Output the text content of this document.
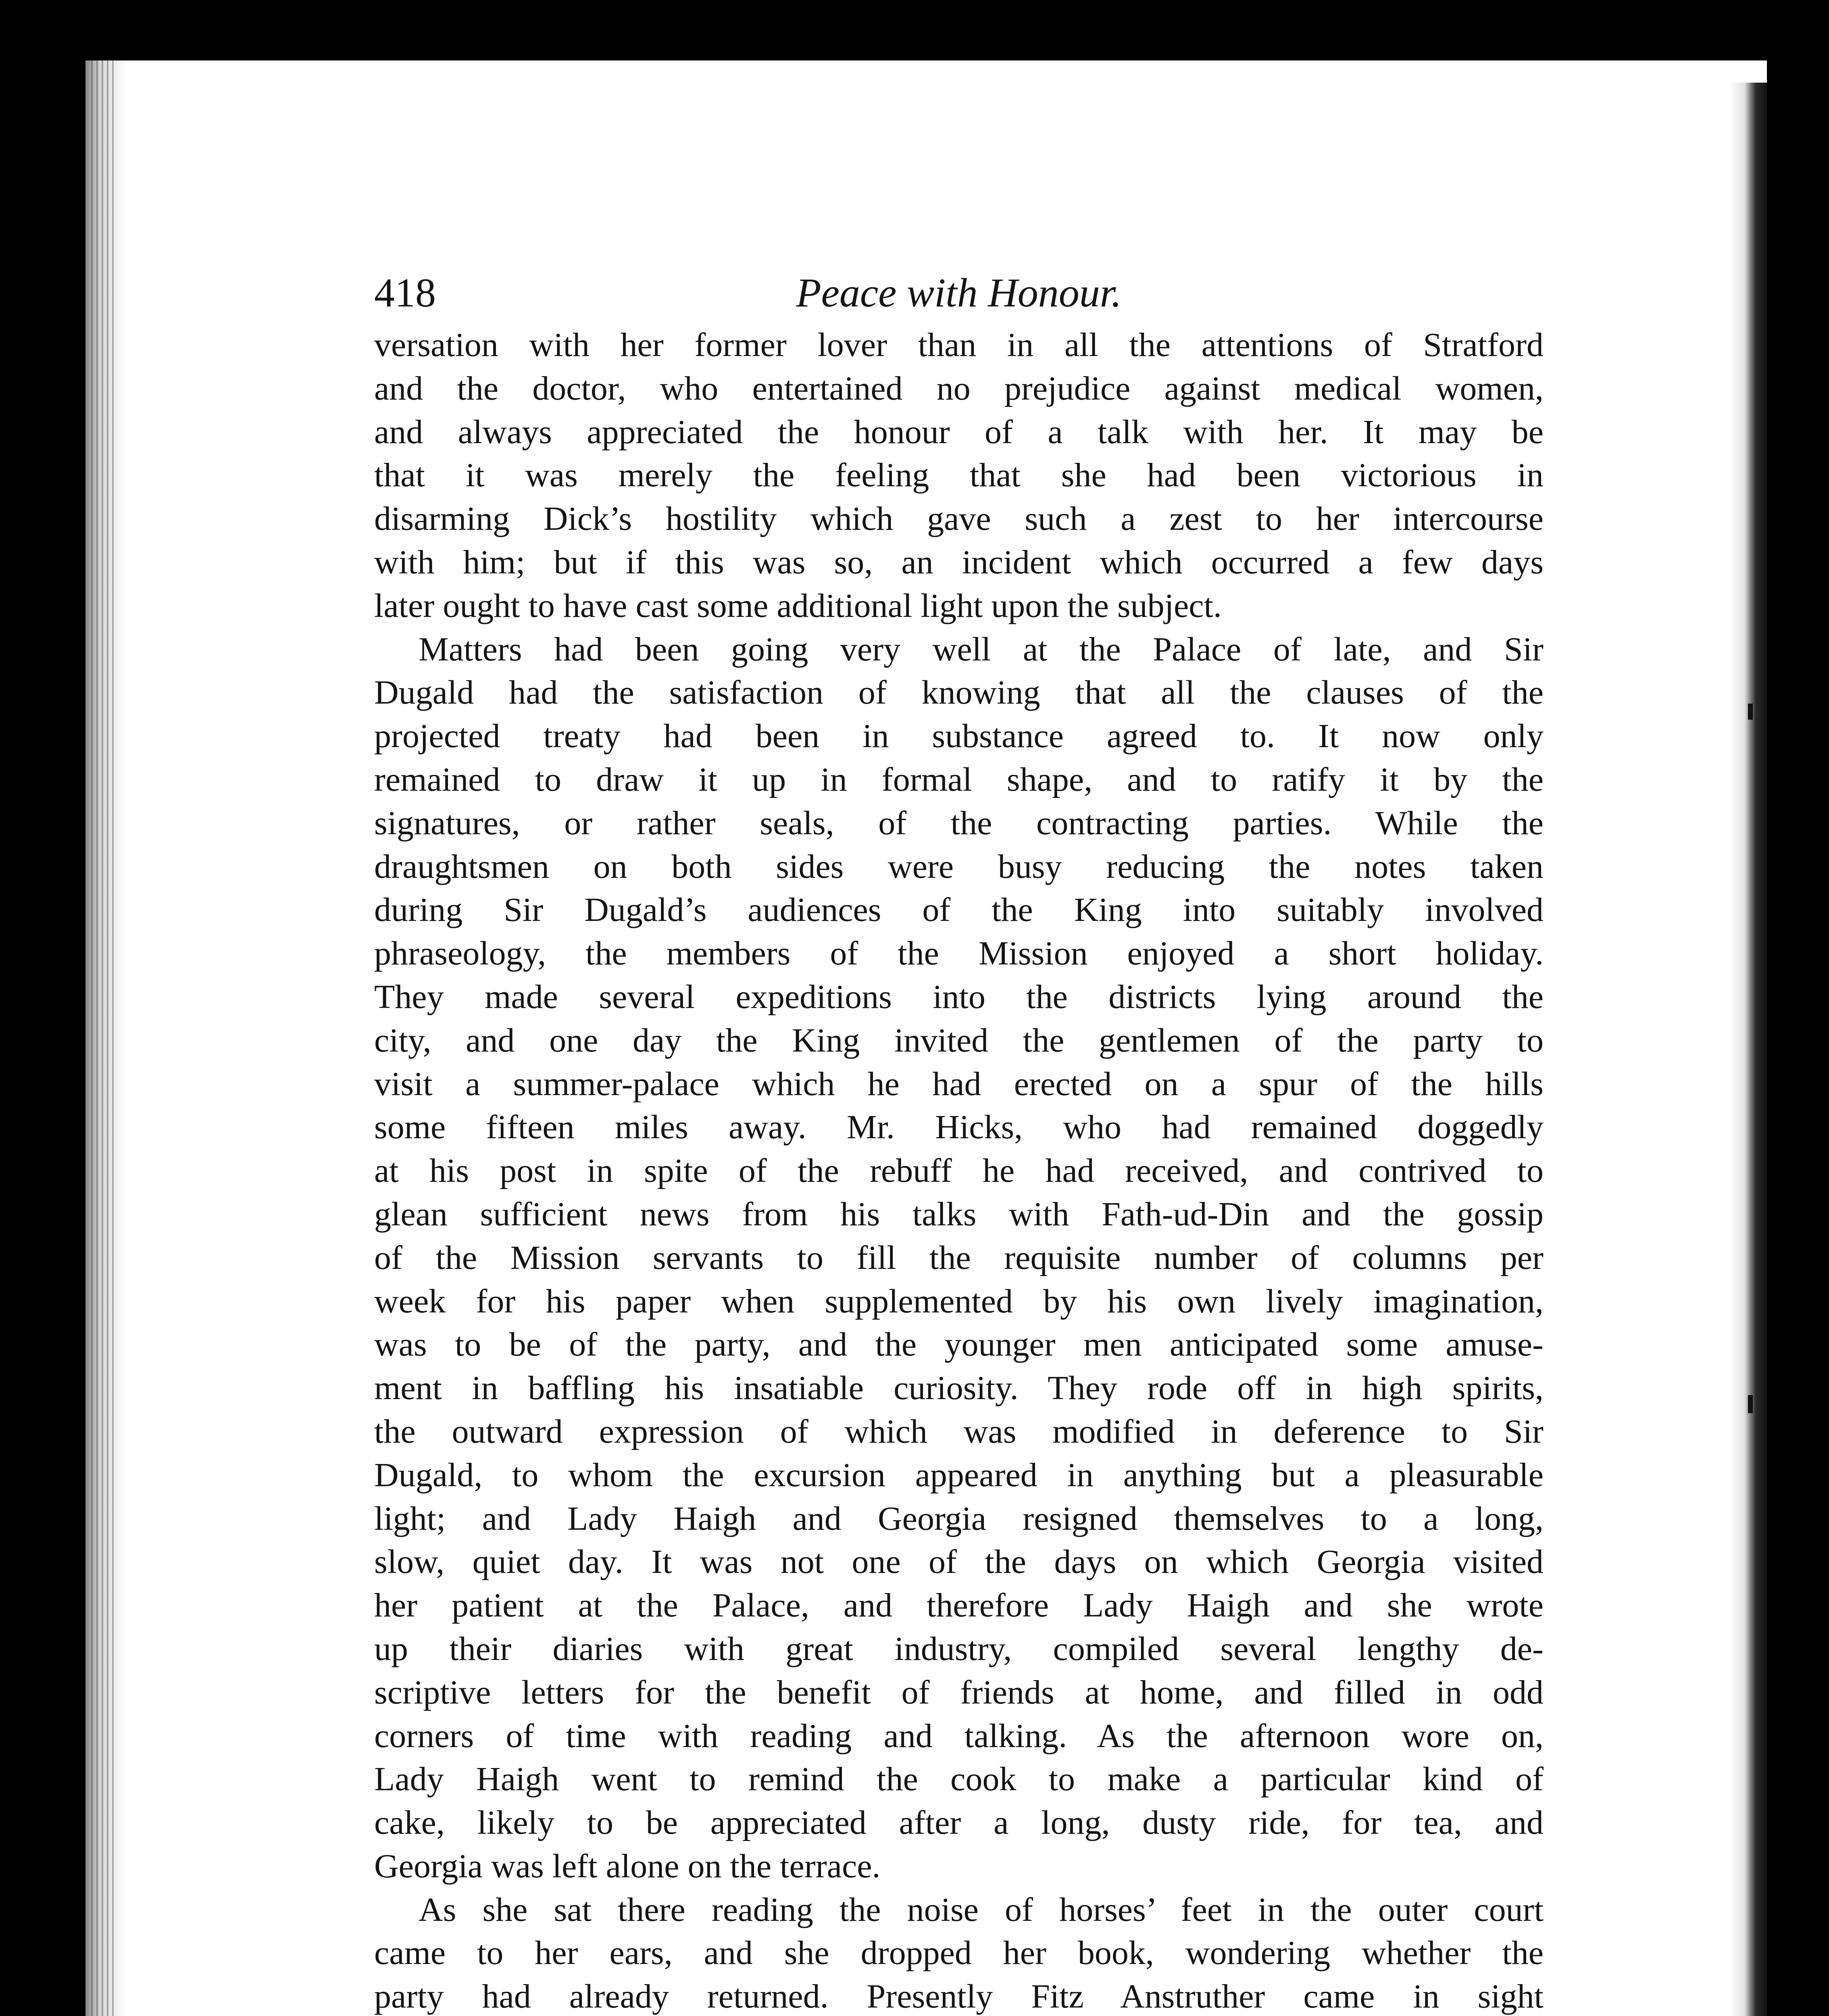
418	Peace with Honour.
versation with her former lover than in all the attentions of Stratford
and the doctor, who entertained no prejudice against medical women,
and always appreciated the honour of a talk with her. It may be
that it was merely the feeling that she had been victorious in
disarming Dick’s hostility which gave such a zest to her intercourse
with him; but if this was so, an incident which occurred a few days
later ought to have cast some additional light upon the subject.
Matters had been going very well at the Palace of late, and Sir
Dugald had the satisfaction of knowing that all the clauses of the
projected treaty had been in substance agreed to. It now only
remained to draw it up in formal shape, and to ratify it by the
signatures, or rather seals, of the contracting parties. While the
draughtsmen on both sides were busy reducing the notes taken
during Sir Dugald’s audiences of the King into suitably involved
phraseology, the members of the Mission enjoyed a short holiday.
They made several expeditions into the districts lying around the
city, and one day the King invited the gentlemen of the party to
visit a summer-palace which he had erected on a spur of the hills
some fifteen miles away. Mr. Hicks, who had remained doggedly
at his post in spite of the rebuff he had received, and contrived to
glean sufficient news from his talks with Fath-ud-Din and the gossip
of the Mission servants to fill the requisite number of columns per
week for his paper when supplemented by his own lively imagination,
was to be of the party, and the younger men anticipated some amuse-
ment in baffling his insatiable curiosity. They rode off in high spirits,
the outward expression of which was modified in deference to Sir
Dugald, to whom the excursion appeared in anything but a pleasurable
light; and Lady Haigh and Georgia resigned themselves to a long,
slow, quiet day. It was not one of the days on which Georgia visited
her patient at the Palace, and therefore Lady Haigh and she wrote
up their diaries with great industry, compiled several lengthy de-
scriptive letters for the benefit of friends at home, and filled in odd
corners of time with reading and talking. As the afternoon wore on,
Lady Haigh went to remind the cook to make a particular kind of
cake, likely to be appreciated after a long, dusty ride, for tea, and
Georgia was left alone on the terrace.
As she sat there reading the noise of horses’ feet in the outer court
came to her ears, and she dropped her book, wondering whether the
party had already returned. Presently Fitz Anstruther came in sight
